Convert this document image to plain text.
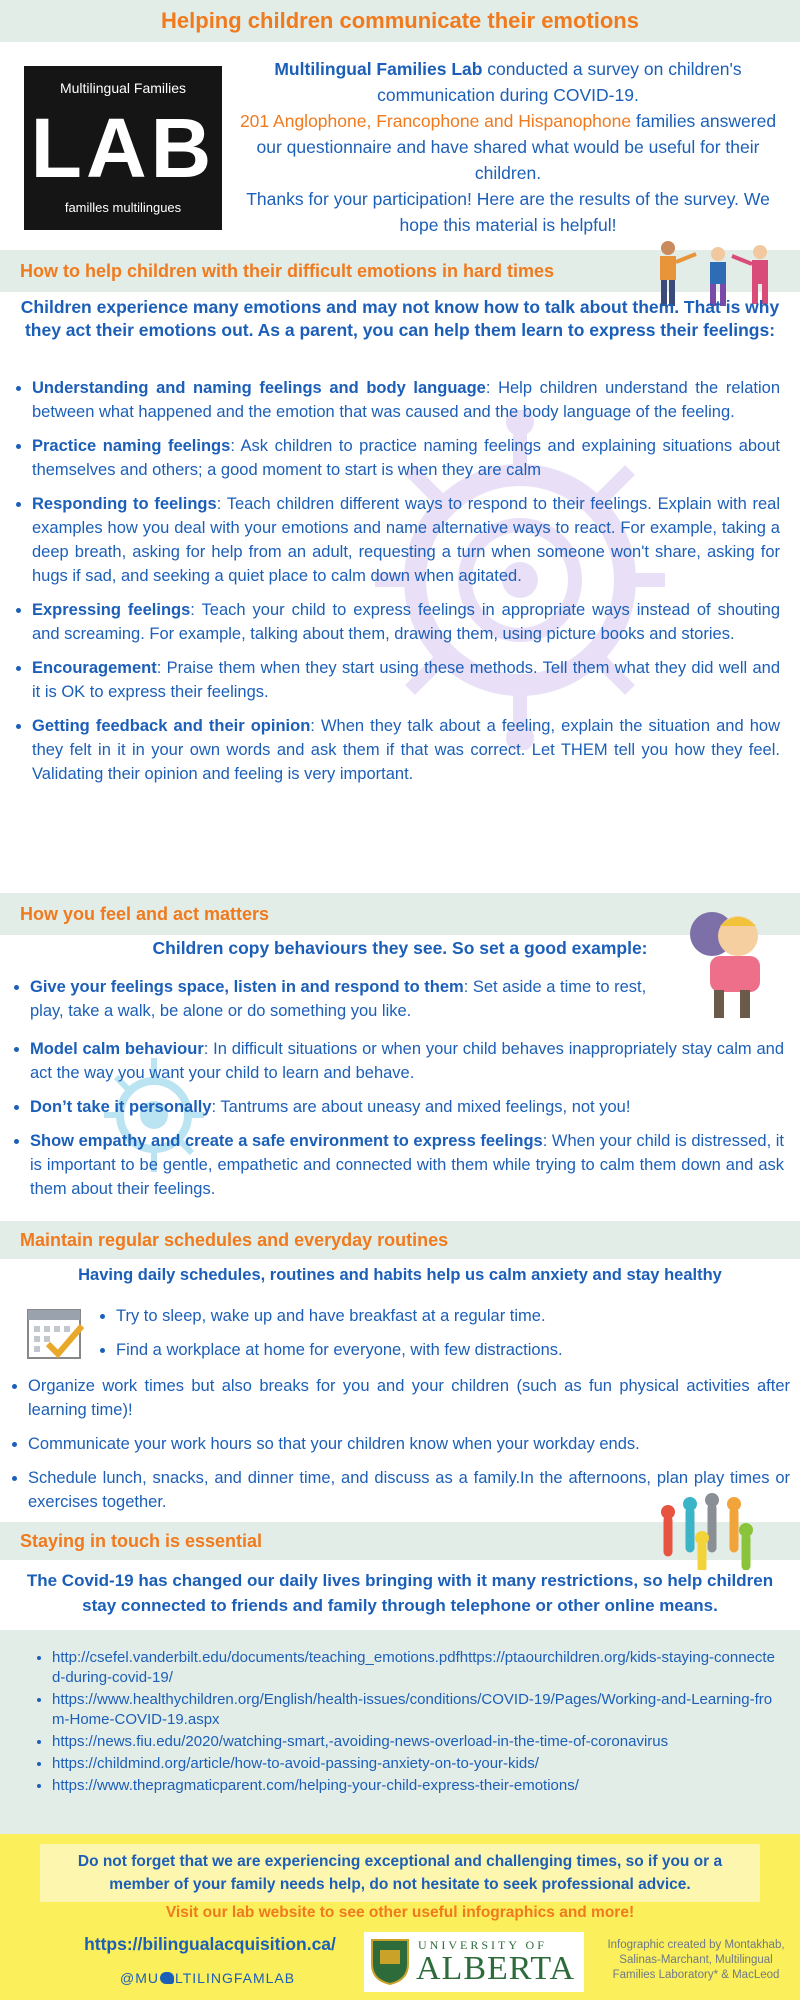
Helping children communicate their emotions
Multilingual Families
LAB
familles multilingues
Multilingual Families Lab conducted a survey on children's communication during COVID-19.
201 Anglophone, Francophone and Hispanophone families answered our questionnaire and have shared what would be useful for their children.
Thanks for your participation! Here are the results of the survey. We hope this material is helpful!
How to help children with their difficult emotions in hard times
Children experience many emotions and may not know how to talk about them. That is why they act their emotions out. As a parent, you can help them learn to express their feelings:
• Understanding and naming feelings and body language: Help children understand the relation between what happened and the emotion that was caused and the body language of the feeling.
• Practice naming feelings: Ask children to practice naming feelings and explaining situations about themselves and others; a good moment to start is when they are calm
• Responding to feelings: Teach children different ways to respond to their feelings. Explain with real examples how you deal with your emotions and name alternative ways to react. For example, taking a deep breath, asking for help from an adult, requesting a turn when someone won't share, asking for hugs if sad, and seeking a quiet place to calm down when agitated.
• Expressing feelings: Teach your child to express feelings in appropriate ways instead of shouting and screaming. For example, talking about them, drawing them, using picture books and stories.
• Encouragement: Praise them when they start using these methods. Tell them what they did well and it is OK to express their feelings.
• Getting feedback and their opinion: When they talk about a feeling, explain the situation and how they felt in it in your own words and ask them if that was correct. Let THEM tell you how they feel. Validating their opinion and feeling is very important.
How you feel and act matters
Children copy behaviours they see. So set a good example:
• Give your feelings space, listen in and respond to them: Set aside a time to rest, play, take a walk, be alone or do something you like.
• Model calm behaviour: In difficult situations or when your child behaves inappropriately stay calm and act the way you want your child to learn and behave.
• Don’t take it personally: Tantrums are about uneasy and mixed feelings, not you!
• Show empathy and create a safe environment to express feelings: When your child is distressed, it is important to be gentle, empathetic and connected with them while trying to calm them down and ask them about their feelings.
Maintain regular schedules and everyday routines
Having daily schedules, routines and habits help us calm anxiety and stay healthy
• Try to sleep, wake up and have breakfast at a regular time.
• Find a workplace at home for everyone, with few distractions.
• Organize work times but also breaks for you and your children (such as fun physical activities after learning time)!
• Communicate your work hours so that your children know when your workday ends.
• Schedule lunch, snacks, and dinner time, and discuss as a family.In the afternoons, plan play times or exercises together.
Staying in touch is essential
The Covid-19 has changed our daily lives bringing with it many restrictions, so help children stay connected to friends and family through telephone or other online means.
• http://csefel.vanderbilt.edu/documents/teaching_emotions.pdfhttps://ptaourchildren.org/kids-staying-connected-during-covid-19/
• https://www.healthychildren.org/English/health-issues/conditions/COVID-19/Pages/Working-and-Learning-from-Home-COVID-19.aspx
• https://news.fiu.edu/2020/watching-smart,-avoiding-news-overload-in-the-time-of-coronavirus
• https://childmind.org/article/how-to-avoid-passing-anxiety-on-to-your-kids/
• https://www.thepragmaticparent.com/helping-your-child-express-their-emotions/
Do not forget that we are experiencing exceptional and challenging times, so if you or a member of your family needs help, do not hesitate to seek professional advice.
Visit our lab website to see other useful infographics and more!
https://bilingualacquisition.ca/
@MU LTILINGFAMLAB
UNIVERSITY OF
ALBERTA
Infographic created by Montakhab, Salinas-Marchant, Multilingual Families Laboratory* & MacLeod
